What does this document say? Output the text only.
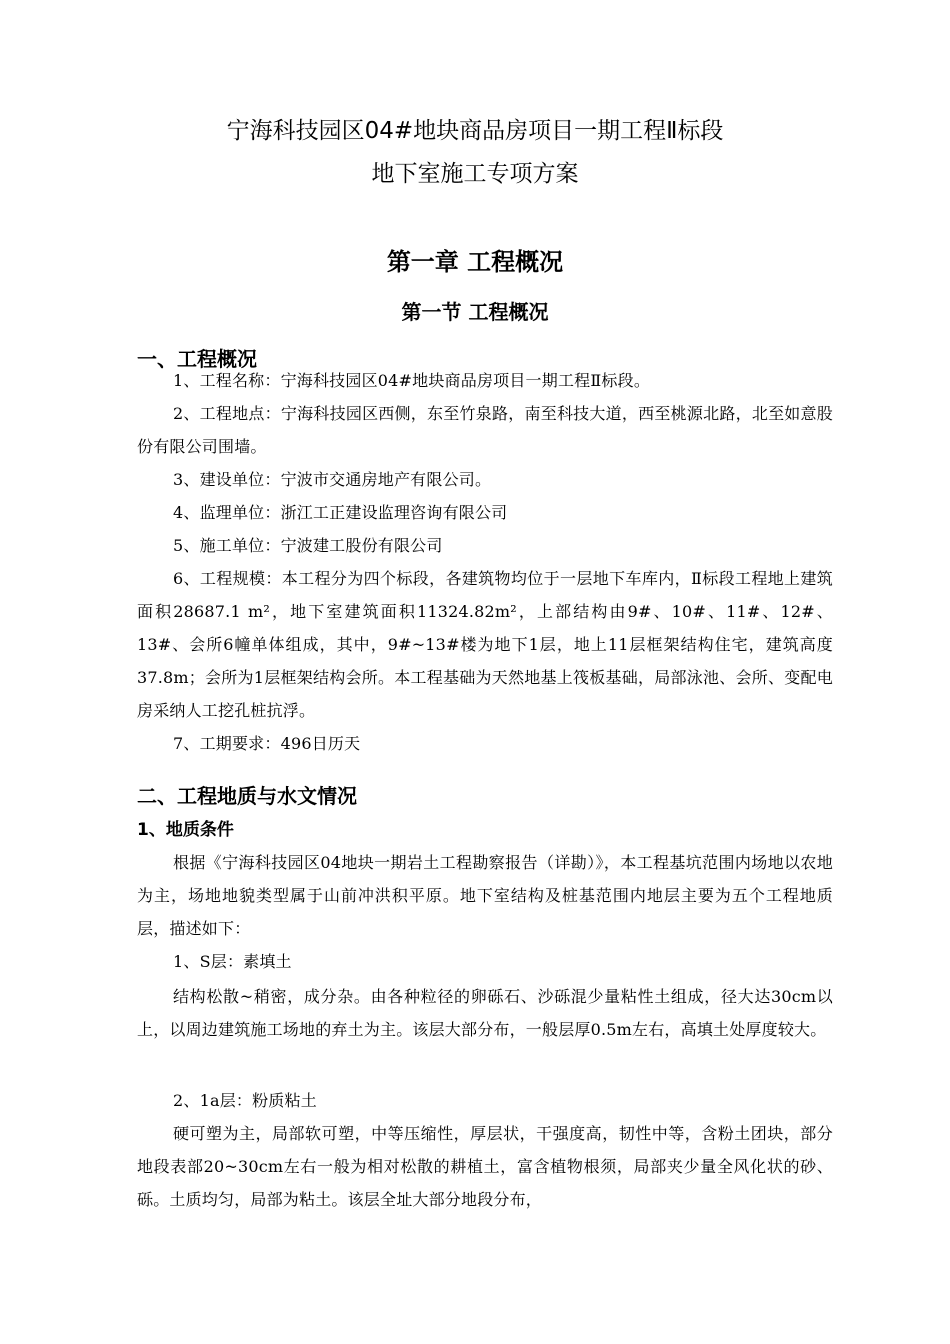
宁海科技园区04#地块商品房项目一期工程Ⅱ标段
地下室施工专项方案
第一章 工程概况
第一节 工程概况
一、工程概况

1、工程名称：宁海科技园区04#地块商品房项目一期工程Ⅱ标段。

2、工程地点：宁海科技园区西侧，东至竹泉路，南至科技大道，西至桃源北路，北至如意股份有限公司围墙。

3、建设单位：宁波市交通房地产有限公司。

4、监理单位：浙江工正建设监理咨询有限公司

5、施工单位：宁波建工股份有限公司

6、工程规模：本工程分为四个标段，各建筑物均位于一层地下车库内，Ⅱ标段工程地上建筑面积28687.1 m²，地下室建筑面积11324.82m²，上部结构由9#、10#、11#、12#、13#、会所6幢单体组成，其中，9#~13#楼为地下1层，地上11层框架结构住宅，建筑高度37.8m；会所为1层框架结构会所。本工程基础为天然地基上筏板基础，局部泳池、会所、变配电房采纳人工挖孔桩抗浮。

7、工期要求：496日历天

二、工程地质与水文情况
1、地质条件

根据《宁海科技园区04地块一期岩土工程勘察报告（详勘）》，本工程基坑范围内场地以农地为主，场地地貌类型属于山前冲洪积平原。地下室结构及桩基范围内地层主要为五个工程地质层，描述如下：

1、S层：素填土

结构松散~稍密，成分杂。由各种粒径的卵砾石、沙砾混少量粘性土组成，径大达30cm以上，以周边建筑施工场地的弃土为主。该层大部分布，一般层厚0.5m左右，高填土处厚度较大。

2、1a层：粉质粘土

硬可塑为主，局部软可塑，中等压缩性，厚层状，干强度高，韧性中等，含粉土团块，部分地段表部20~30cm左右一般为相对松散的耕植土，富含植物根须，局部夹少量全风化状的砂、砾。土质均匀，局部为粘土。该层全址大部分地段分布，
